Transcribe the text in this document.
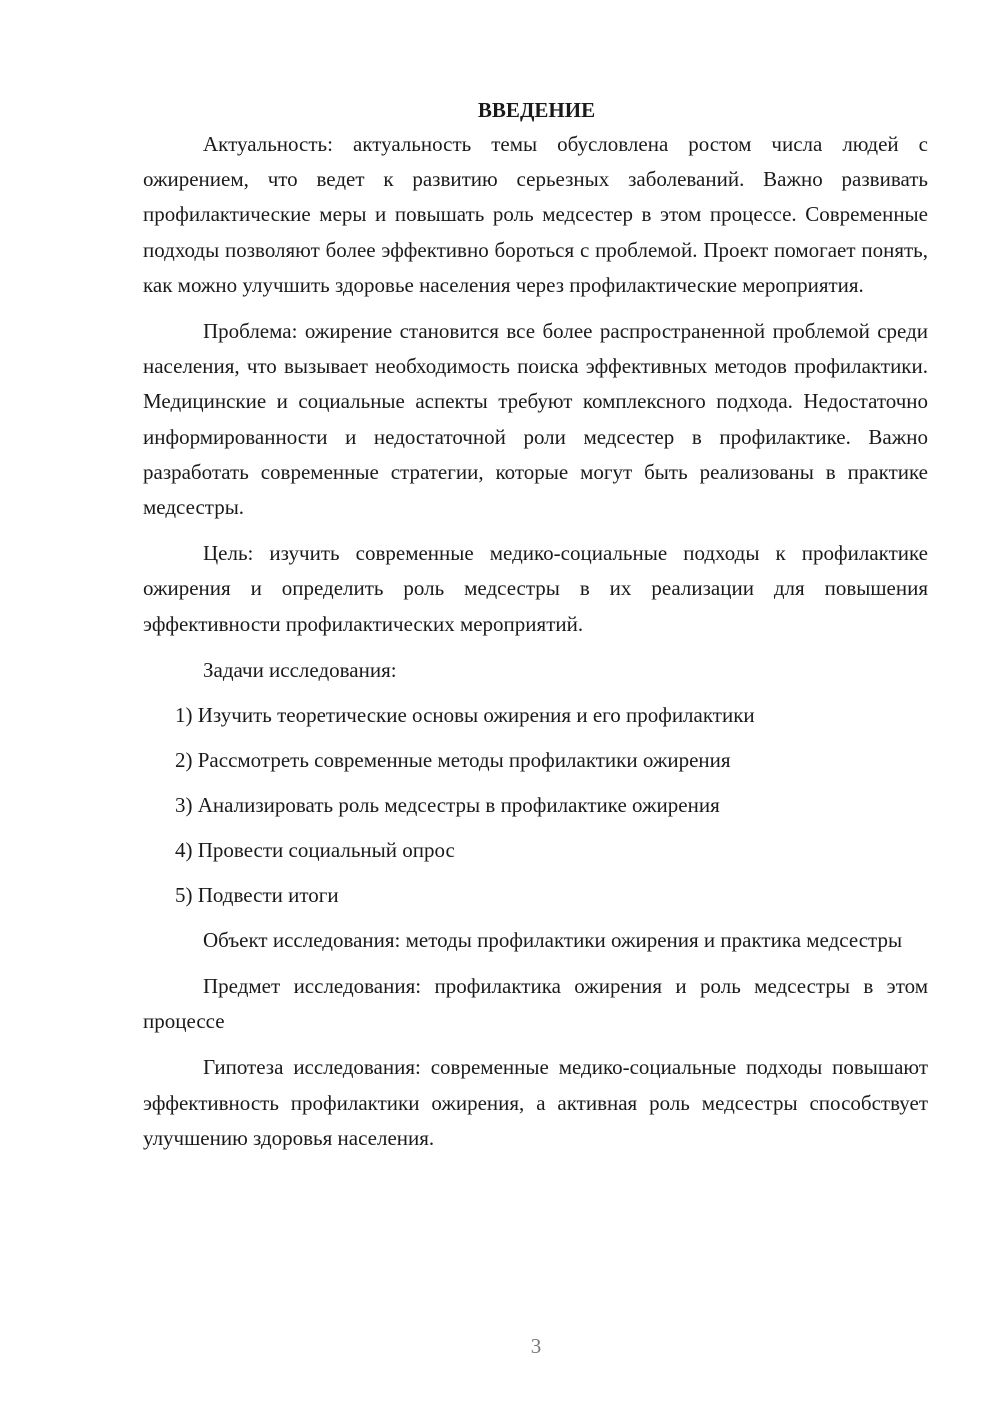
ВВЕДЕНИЕ

Актуальность: актуальность темы обусловлена ростом числа людей с ожирением, что ведет к развитию серьезных заболеваний. Важно развивать профилактические меры и повышать роль медсестер в этом процессе. Современные подходы позволяют более эффективно бороться с проблемой. Проект помогает понять, как можно улучшить здоровье населения через профилактические мероприятия.

Проблема: ожирение становится все более распространенной проблемой среди населения, что вызывает необходимость поиска эффективных методов профилактики. Медицинские и социальные аспекты требуют комплексного подхода. Недостаточно информированности и недостаточной роли медсестер в профилактике. Важно разработать современные стратегии, которые могут быть реализованы в практике медсестры.

Цель: изучить современные медико-социальные подходы к профилактике ожирения и определить роль медсестры в их реализации для повышения эффективности профилактических мероприятий.

Задачи исследования:
1) Изучить теоретические основы ожирения и его профилактики
2) Рассмотреть современные методы профилактики ожирения
3) Анализировать роль медсестры в профилактике ожирения
4) Провести социальный опрос
5) Подвести итоги

Объект исследования: методы профилактики ожирения и практика медсестры

Предмет исследования: профилактика ожирения и роль медсестры в этом процессе

Гипотеза исследования: современные медико-социальные подходы повышают эффективность профилактики ожирения, а активная роль медсестры способствует улучшению здоровья населения.

3
